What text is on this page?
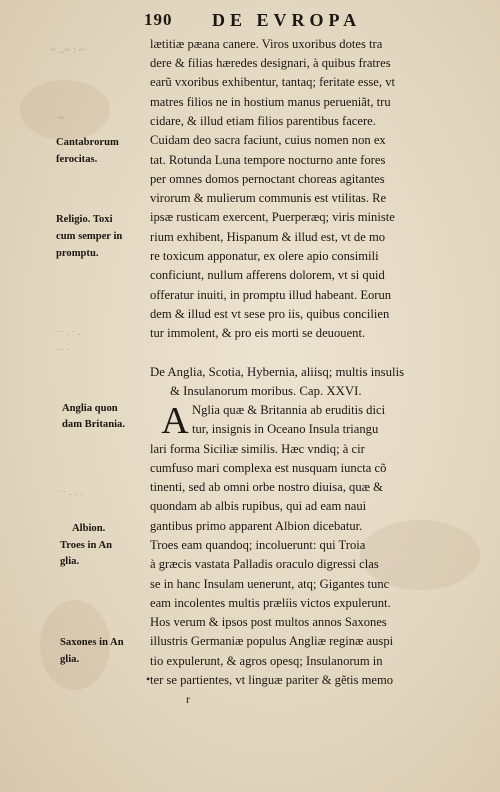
190 DE EVROPA
~ ..~ : ~
~
·· . · .
·· ·
· · . . .
lætitiæ pæana canere. Viros uxoribus dotes tra
dere & filias hæredes designari, à quibus fratres
earũ vxoribus exhibentur, tantaq; feritate esse, vt
matres filios ne in hostium manus perueniãt, tru
cidare, & illud etiam filios parentibus facere.
Cuidam deo sacra faciunt, cuius nomen non ex
tat. Rotunda Luna tempore nocturno ante fores
per omnes domos pernoctant choreas agitantes
virorum & mulierum communis est vtilitas. Re
ipsæ rusticam exercent, Puerperæq; viris ministe
rium exhibent, Hispanum & illud est, vt de mo
re toxicum apponatur, ex olere apio consimili
conficiunt, nullum afferens dolorem, vt si quid
offeratur inuiti, in promptu illud habeant. Eorun
dem & illud est vt sese pro iis, quibus concilien
tur immolent, & pro eis morti se deuouent.
De Anglia, Scotia, Hybernia, aliisq; multis insulis
& Insulanorum moribus. Cap. XXVI.
A Nglia quæ & Britannia ab eruditis dici
tur, insignis in Oceano Insula triangu
lari forma Siciliæ similis. Hæc vndiq; à cir
cumfuso mari complexa est nusquam iuncta cõ
tinenti, sed ab omni orbe nostro diuisa, quæ &
quondam ab albis rupibus, qui ad eam naui
gantibus primo apparent Albion dicebatur.
Troes eam quandoq; incoluerunt: qui Troia
à græcis vastata Palladis oraculo digressi clas
se in hanc Insulam uenerunt, atq; Gigantes tunc
eam incolentes multis prælíis victos expulerunt.
Hos verum & ipsos post multos annos Saxones
illustris Germaniæ populus Angliæ reginæ auspi
tio expulerunt, & agros opesq; Insulanorum in
ter se partientes, vt linguæ pariter & gẽtis memo
•
r
Cantabrorum
ferocitas.
Religio. Toxi
cum semper in
promptu.
Anglia quon
dam Britania.
Albion.
Troes in An
glia.
Saxones in An
glia.
